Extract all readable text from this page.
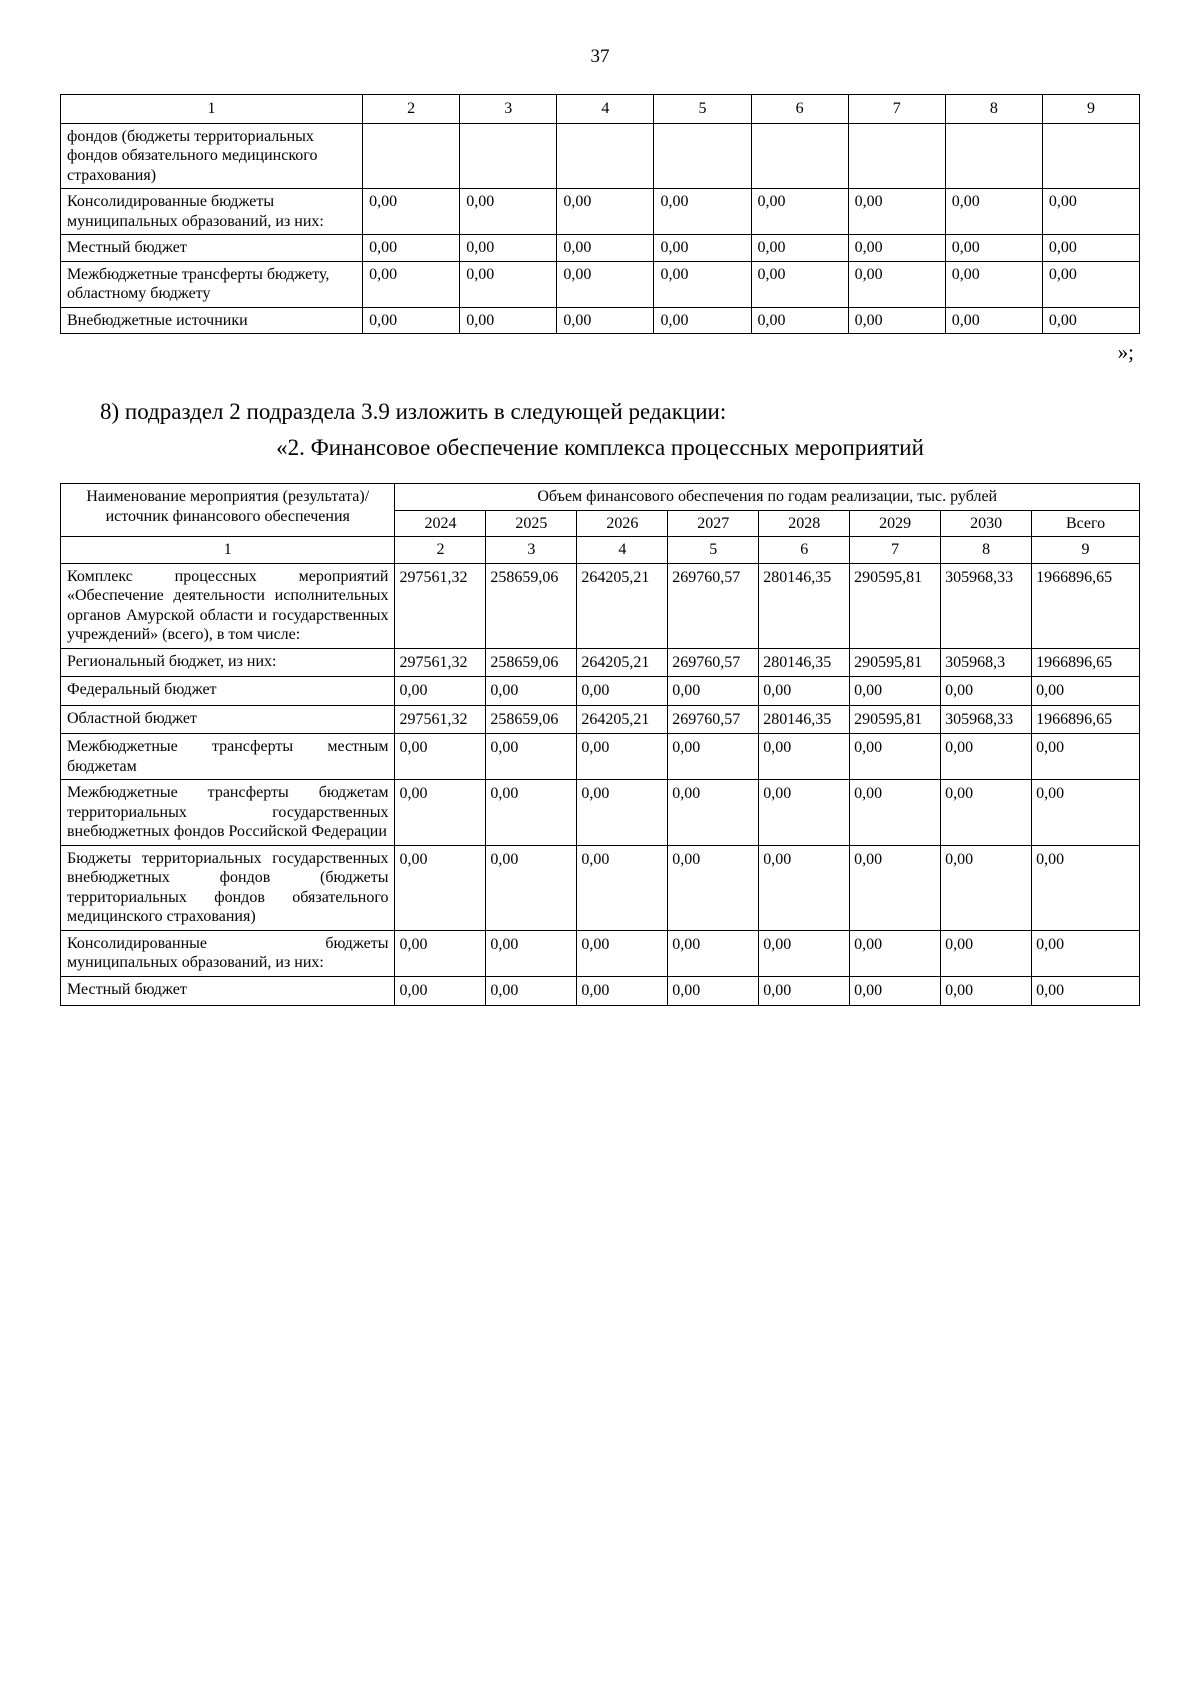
37
1	2	3	4	5	6	7	8	9
фондов (бюджеты территориальных фондов обязательного медицинского страхования)								
Консолидированные бюджеты муниципальных образований, из них:	0,00	0,00	0,00	0,00	0,00	0,00	0,00	0,00
Местный бюджет	0,00	0,00	0,00	0,00	0,00	0,00	0,00	0,00
Межбюджетные трансферты бюджету, областному бюджету	0,00	0,00	0,00	0,00	0,00	0,00	0,00	0,00
Внебюджетные источники	0,00	0,00	0,00	0,00	0,00	0,00	0,00	0,00
»;
8) подраздел 2 подраздела 3.9 изложить в следующей редакции:
«2. Финансовое обеспечение комплекса процессных мероприятий
Наименование мероприятия (результата)/ источник финансового обеспечения	Объем финансового обеспечения по годам реализации, тыс. рублей							
	2024	2025	2026	2027	2028	2029	2030	Всего
1	2	3	4	5	6	7	8	9
Комплекс процессных мероприятий «Обеспечение деятельности исполнительных органов Амурской области и государственных учреждений» (всего), в том числе:	297561,32	258659,06	264205,21	269760,57	280146,35	290595,81	305968,33	1966896,65
Региональный бюджет, из них:	297561,32	258659,06	264205,21	269760,57	280146,35	290595,81	305968,3	1966896,65
Федеральный бюджет	0,00	0,00	0,00	0,00	0,00	0,00	0,00	0,00
Областной бюджет	297561,32	258659,06	264205,21	269760,57	280146,35	290595,81	305968,33	1966896,65
Межбюджетные трансферты местным бюджетам	0,00	0,00	0,00	0,00	0,00	0,00	0,00	0,00
Межбюджетные трансферты бюджетам территориальных государственных внебюджетных фондов Российской Федерации	0,00	0,00	0,00	0,00	0,00	0,00	0,00	0,00
Бюджеты территориальных государственных внебюджетных фондов (бюджеты территориальных фондов обязательного медицинского страхования)	0,00	0,00	0,00	0,00	0,00	0,00	0,00	0,00
Консолидированные бюджеты муниципальных образований, из них:	0,00	0,00	0,00	0,00	0,00	0,00	0,00	0,00
Местный бюджет	0,00	0,00	0,00	0,00	0,00	0,00	0,00	0,00
